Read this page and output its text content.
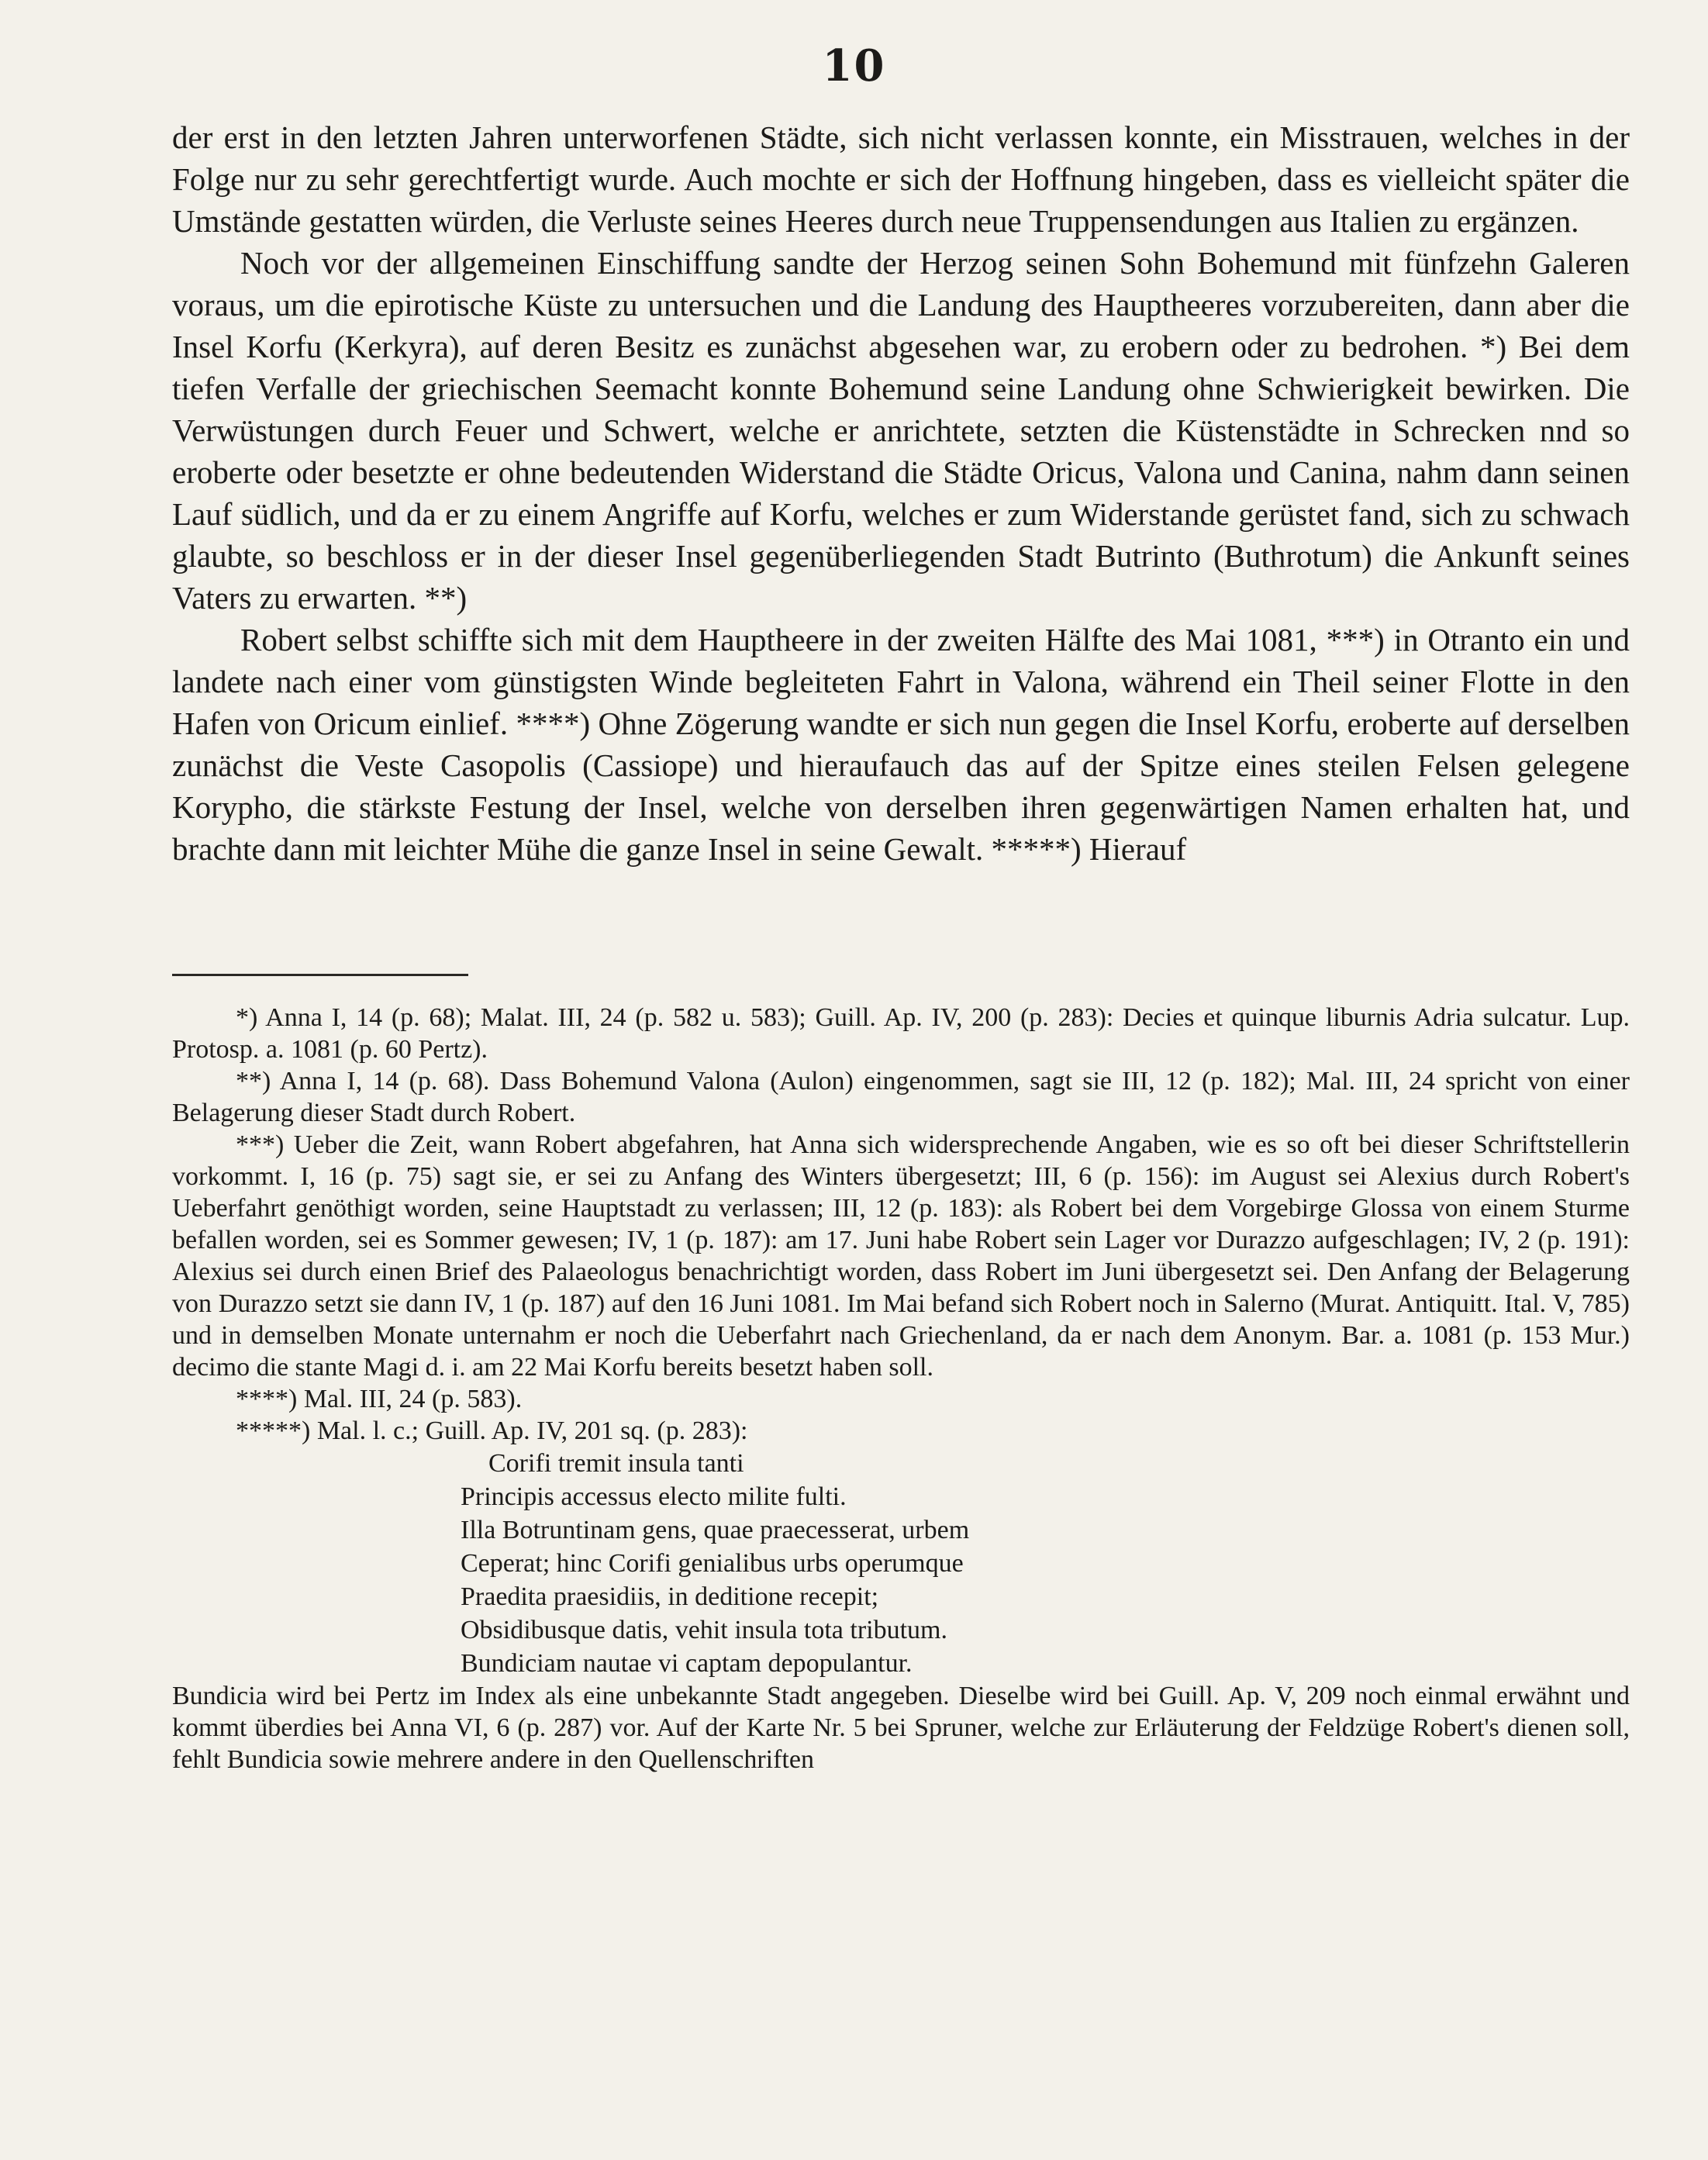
10

der erst in den letzten Jahren unterworfenen Städte, sich nicht verlassen konnte, ein Misstrauen, welches in der Folge nur zu sehr gerechtfertigt wurde. Auch mochte er sich der Hoffnung hingeben, dass es vielleicht später die Umstände gestatten würden, die Verluste seines Heeres durch neue Truppensendungen aus Italien zu ergänzen.

Noch vor der allgemeinen Einschiffung sandte der Herzog seinen Sohn Bohemund mit fünfzehn Galeren voraus, um die epirotische Küste zu untersuchen und die Landung des Hauptheeres vorzubereiten, dann aber die Insel Korfu (Kerkyra), auf deren Besitz es zunächst abgesehen war, zu erobern oder zu bedrohen. *) Bei dem tiefen Verfalle der griechischen Seemacht konnte Bohemund seine Landung ohne Schwierigkeit bewirken. Die Verwüstungen durch Feuer und Schwert, welche er anrichtete, setzten die Küstenstädte in Schrecken nnd so eroberte oder besetzte er ohne bedeutenden Widerstand die Städte Oricus, Valona und Canina, nahm dann seinen Lauf südlich, und da er zu einem Angriffe auf Korfu, welches er zum Widerstande gerüstet fand, sich zu schwach glaubte, so beschloss er in der dieser Insel gegenüberliegenden Stadt Butrinto (Buthrotum) die Ankunft seines Vaters zu erwarten. **)

Robert selbst schiffte sich mit dem Hauptheere in der zweiten Hälfte des Mai 1081, ***) in Otranto ein und landete nach einer vom günstigsten Winde begleiteten Fahrt in Valona, während ein Theil seiner Flotte in den Hafen von Oricum einlief. ****) Ohne Zögerung wandte er sich nun gegen die Insel Korfu, eroberte auf derselben zunächst die Veste Casopolis (Cassiope) und hieraufauch das auf der Spitze eines steilen Felsen gelegene Korypho, die stärkste Festung der Insel, welche von derselben ihren gegenwärtigen Namen erhalten hat, und brachte dann mit leichter Mühe die ganze Insel in seine Gewalt. *****) Hierauf

*) Anna I, 14 (p. 68); Malat. III, 24 (p. 582 u. 583); Guill. Ap. IV, 200 (p. 283): Decies et quinque liburnis Adria sulcatur. Lup. Protosp. a. 1081 (p. 60 Pertz).

**) Anna I, 14 (p. 68). Dass Bohemund Valona (Aulon) eingenommen, sagt sie III, 12 (p. 182); Mal. III, 24 spricht von einer Belagerung dieser Stadt durch Robert.

***) Ueber die Zeit, wann Robert abgefahren, hat Anna sich widersprechende Angaben, wie es so oft bei dieser Schriftstellerin vorkommt. I, 16 (p. 75) sagt sie, er sei zu Anfang des Winters übergesetzt; III, 6 (p. 156): im August sei Alexius durch Robert's Ueberfahrt genöthigt worden, seine Hauptstadt zu verlassen; III, 12 (p. 183): als Robert bei dem Vorgebirge Glossa von einem Sturme befallen worden, sei es Sommer gewesen; IV, 1 (p. 187): am 17. Juni habe Robert sein Lager vor Durazzo aufgeschlagen; IV, 2 (p. 191): Alexius sei durch einen Brief des Palaeologus benachrichtigt worden, dass Robert im Juni übergesetzt sei. Den Anfang der Belagerung von Durazzo setzt sie dann IV, 1 (p. 187) auf den 16 Juni 1081. Im Mai befand sich Robert noch in Salerno (Murat. Antiquitt. Ital. V, 785) und in demselben Monate unternahm er noch die Ueberfahrt nach Griechenland, da er nach dem Anonym. Bar. a. 1081 (p. 153 Mur.) decimo die stante Magi d. i. am 22 Mai Korfu bereits besetzt haben soll.

****) Mal. III, 24 (p. 583).

*****) Mal. l. c.; Guill. Ap. IV, 201 sq. (p. 283):

Corifi tremit insula tanti
Principis accessus electo milite fulti.
Illa Botruntinam gens, quae praecesserat, urbem
Ceperat; hinc Corifi genialibus urbs operumque
Praedita praesidiis, in deditione recepit;
Obsidibusque datis, vehit insula tota tributum.
Bundiciam nautae vi captam depopulantur.

Bundicia wird bei Pertz im Index als eine unbekannte Stadt angegeben. Dieselbe wird bei Guill. Ap. V, 209 noch einmal erwähnt und kommt überdies bei Anna VI, 6 (p. 287) vor. Auf der Karte Nr. 5 bei Spruner, welche zur Erläuterung der Feldzüge Robert's dienen soll, fehlt Bundicia sowie mehrere andere in den Quellenschriften
